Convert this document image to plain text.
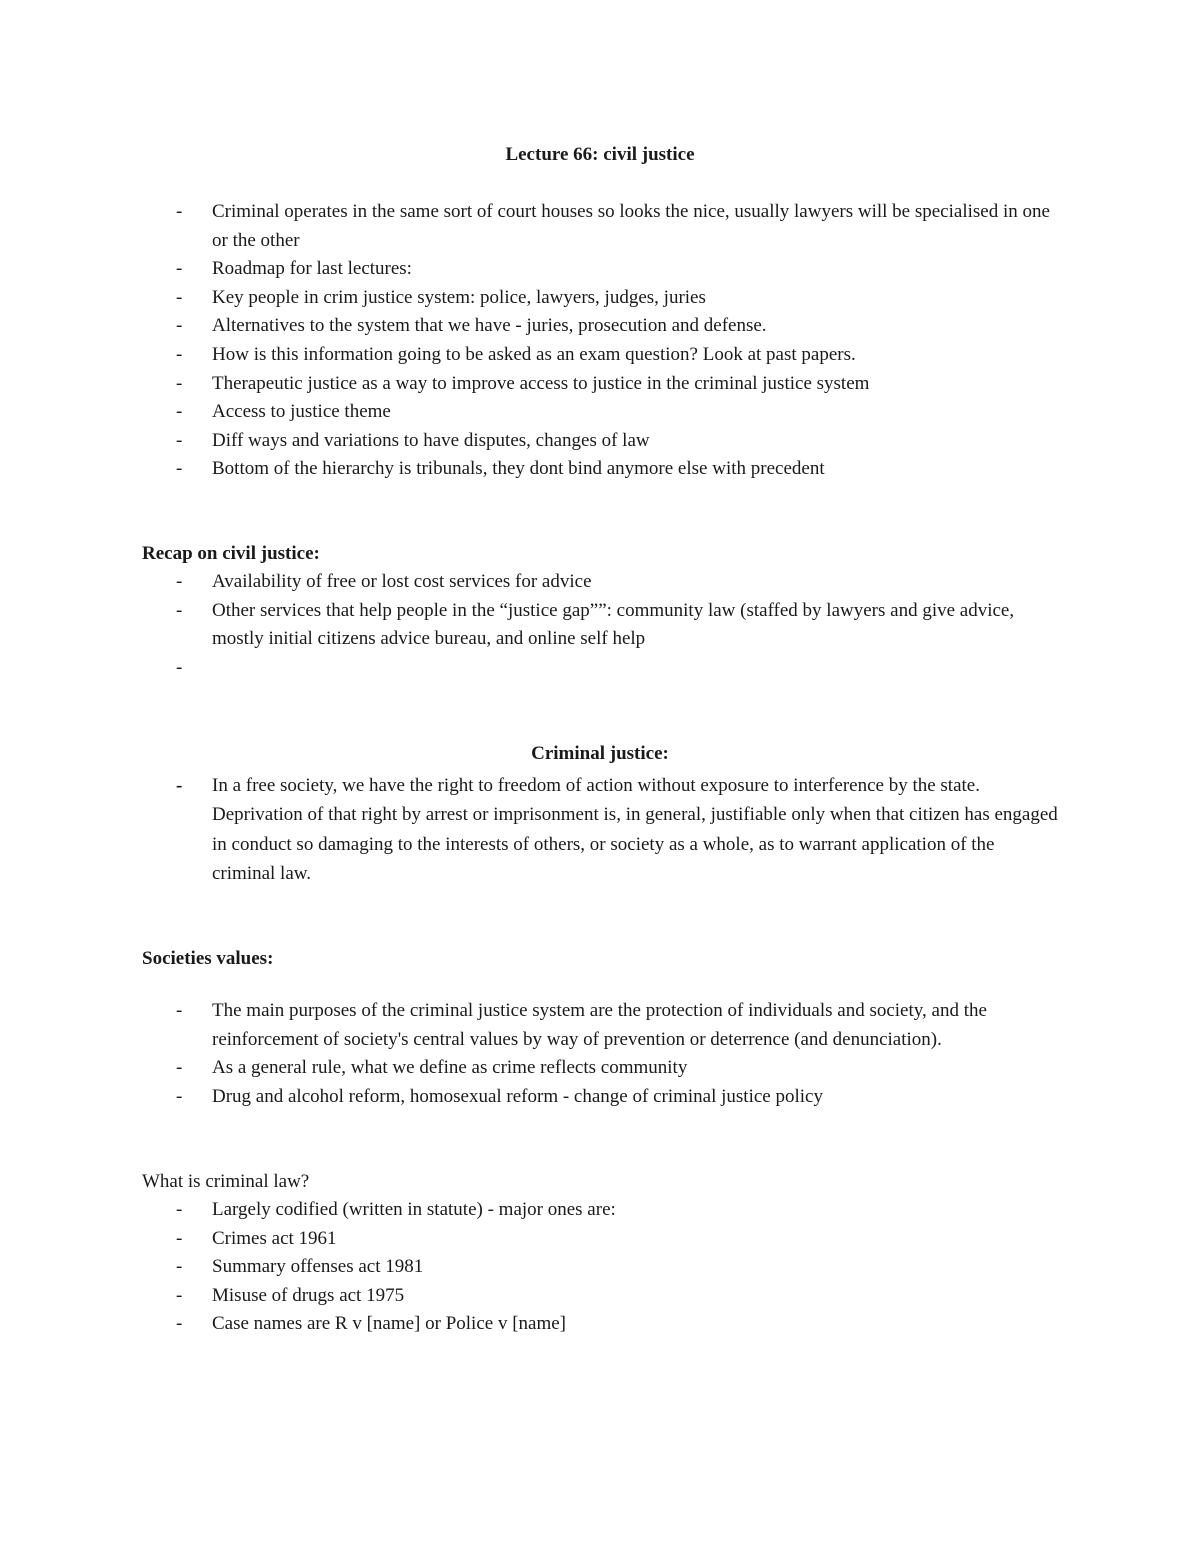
Lecture 66: civil justice
- Criminal operates in the same sort of court houses so looks the nice, usually lawyers will be specialised in one or the other
- Roadmap for last lectures:
- Key people in crim justice system: police, lawyers, judges, juries
- Alternatives to the system that we have - juries, prosecution and defense.
- How is this information going to be asked as an exam question? Look at past papers.
- Therapeutic justice as a way to improve access to justice in the criminal justice system
- Access to justice theme
- Diff ways and variations to have disputes, changes of law
- Bottom of the hierarchy is tribunals, they dont bind anymore else with precedent
Recap on civil justice:
- Availability of free or lost cost services for advice
- Other services that help people in the “justice gap””: community law (staffed by lawyers and give advice, mostly initial citizens advice bureau, and online self help
-
Criminal justice:
- In a free society, we have the right to freedom of action without exposure to interference by the state. Deprivation of that right by arrest or imprisonment is, in general, justifiable only when that citizen has engaged in conduct so damaging to the interests of others, or society as a whole, as to warrant application of the criminal law.
Societies values:
- The main purposes of the criminal justice system are the protection of individuals and society, and the reinforcement of society's central values by way of prevention or deterrence (and denunciation).
- As a general rule, what we define as crime reflects community
- Drug and alcohol reform, homosexual reform - change of criminal justice policy
What is criminal law?
- Largely codified (written in statute) - major ones are:
- Crimes act 1961
- Summary offenses act 1981
- Misuse of drugs act 1975
- Case names are R v [name] or Police v [name]
